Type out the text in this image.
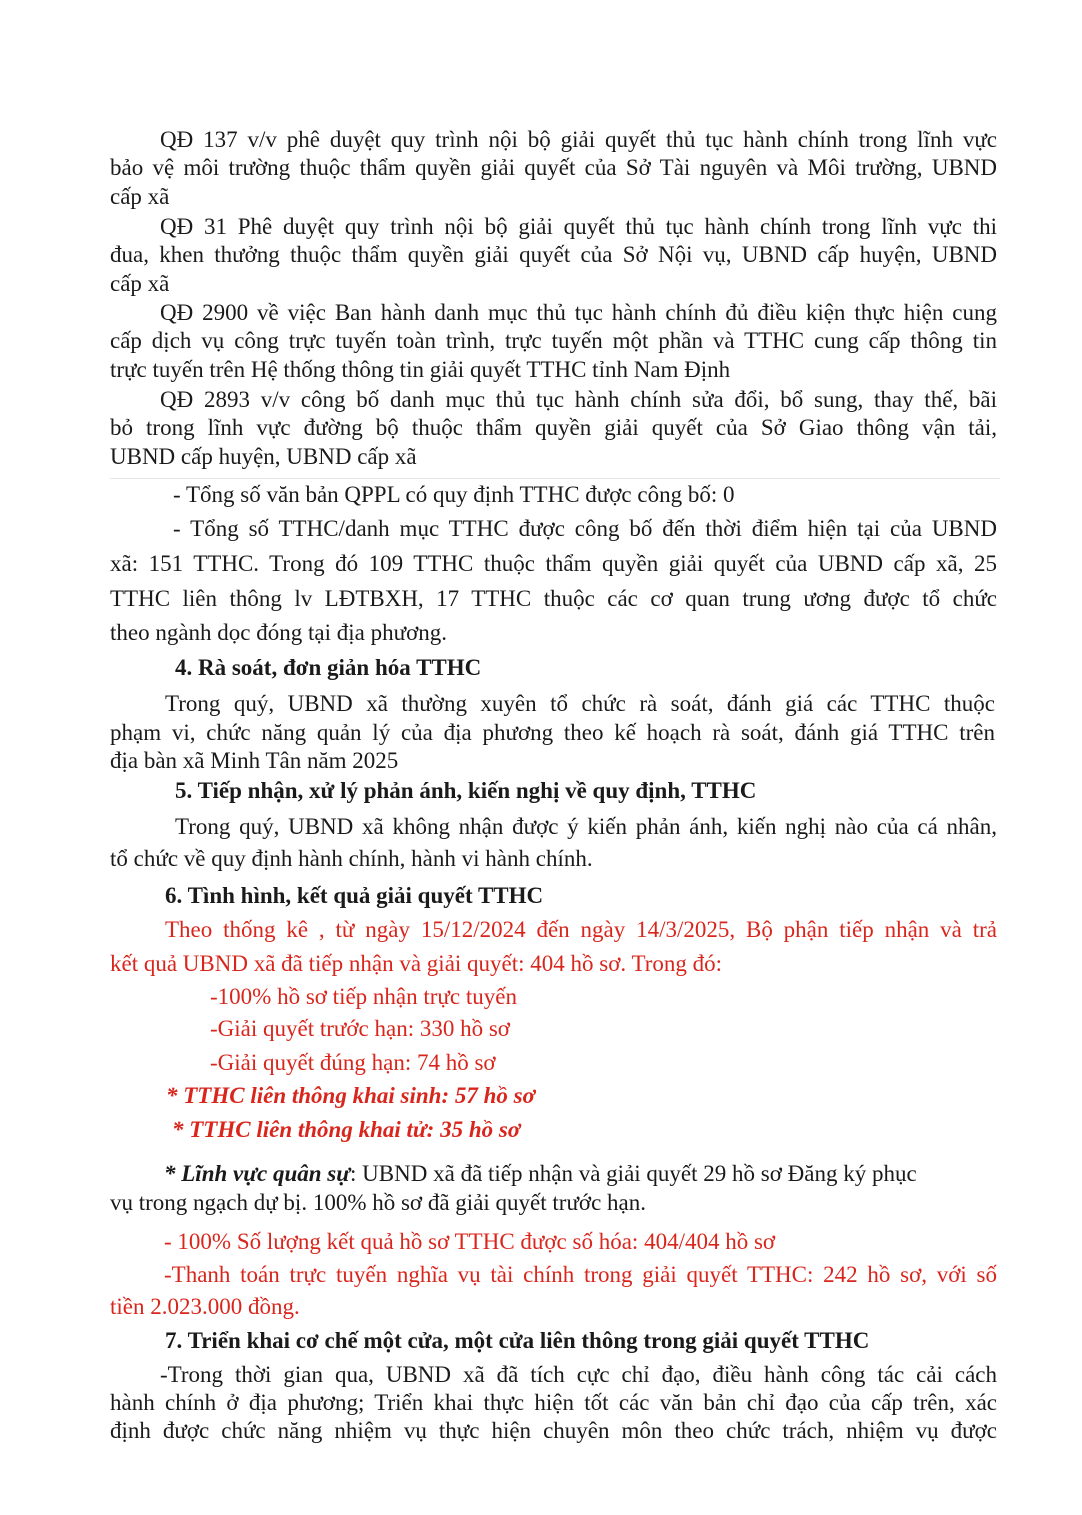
QĐ 137 v/v phê duyệt quy trình nội bộ giải quyết thủ tục hành chính trong lĩnh vực
bảo vệ môi trường thuộc thẩm quyền giải quyết của Sở Tài nguyên và Môi trường, UBND
cấp xã
QĐ 31 Phê duyệt quy trình nội bộ giải quyết thủ tục hành chính trong lĩnh vực thi
đua, khen thưởng thuộc thẩm quyền giải quyết của Sở Nội vụ, UBND cấp huyện, UBND
cấp xã
QĐ 2900 về việc Ban hành danh mục thủ tục hành chính đủ điều kiện thực hiện cung
cấp dịch vụ công trực tuyến toàn trình, trực tuyến một phần và TTHC cung cấp thông tin
trực tuyến trên Hệ thống thông tin giải quyết TTHC tỉnh Nam Định
QĐ 2893 v/v công bố danh mục thủ tục hành chính sửa đổi, bổ sung, thay thế, bãi
bỏ trong lĩnh vực đường bộ thuộc thẩm quyền giải quyết của Sở Giao thông vận tải,
UBND cấp huyện, UBND cấp xã
- Tổng số văn bản QPPL có quy định TTHC được công bố: 0
- Tổng số TTHC/danh mục TTHC được công bố đến thời điểm hiện tại của UBND
xã: 151 TTHC. Trong đó 109 TTHC thuộc thẩm quyền giải quyết của UBND cấp xã, 25
TTHC liên thông lv LĐTBXH, 17 TTHC thuộc các cơ quan trung ương được tổ chức
theo ngành dọc đóng tại địa phương.
4. Rà soát, đơn giản hóa TTHC
Trong quý, UBND xã thường xuyên tổ chức rà soát, đánh giá các TTHC thuộc
phạm vi, chức năng quản lý của địa phương theo kế hoạch rà soát, đánh giá TTHC trên
địa bàn xã Minh Tân năm 2025
5. Tiếp nhận, xử lý phản ánh, kiến nghị về quy định, TTHC
Trong quý, UBND xã không nhận được ý kiến phản ánh, kiến nghị nào của cá nhân,
tổ chức về quy định hành chính, hành vi hành chính.
6. Tình hình, kết quả giải quyết TTHC
Theo thống kê , từ ngày 15/12/2024 đến ngày 14/3/2025, Bộ phận tiếp nhận và trả
kết quả UBND xã đã tiếp nhận và giải quyết: 404 hồ sơ. Trong đó:
-100% hồ sơ tiếp nhận trực tuyến
-Giải quyết trước hạn: 330 hồ sơ
-Giải quyết đúng hạn: 74 hồ sơ
* TTHC liên thông khai sinh: 57 hồ sơ
* TTHC liên thông khai tử: 35 hồ sơ
* Lĩnh vực quân sự: UBND xã đã tiếp nhận và giải quyết 29 hồ sơ Đăng ký phục
vụ trong ngạch dự bị. 100% hồ sơ đã giải quyết trước hạn.
- 100% Số lượng kết quả hồ sơ TTHC được số hóa: 404/404 hồ sơ
-Thanh toán trực tuyến nghĩa vụ tài chính trong giải quyết TTHC: 242 hồ sơ, với số
tiền 2.023.000 đồng.
7. Triển khai cơ chế một cửa, một cửa liên thông trong giải quyết TTHC
-Trong thời gian qua, UBND xã đã tích cực chỉ đạo, điều hành công tác cải cách
hành chính ở địa phương; Triển khai thực hiện tốt các văn bản chỉ đạo của cấp trên, xác
định được chức năng nhiệm vụ thực hiện chuyên môn theo chức trách, nhiệm vụ được
